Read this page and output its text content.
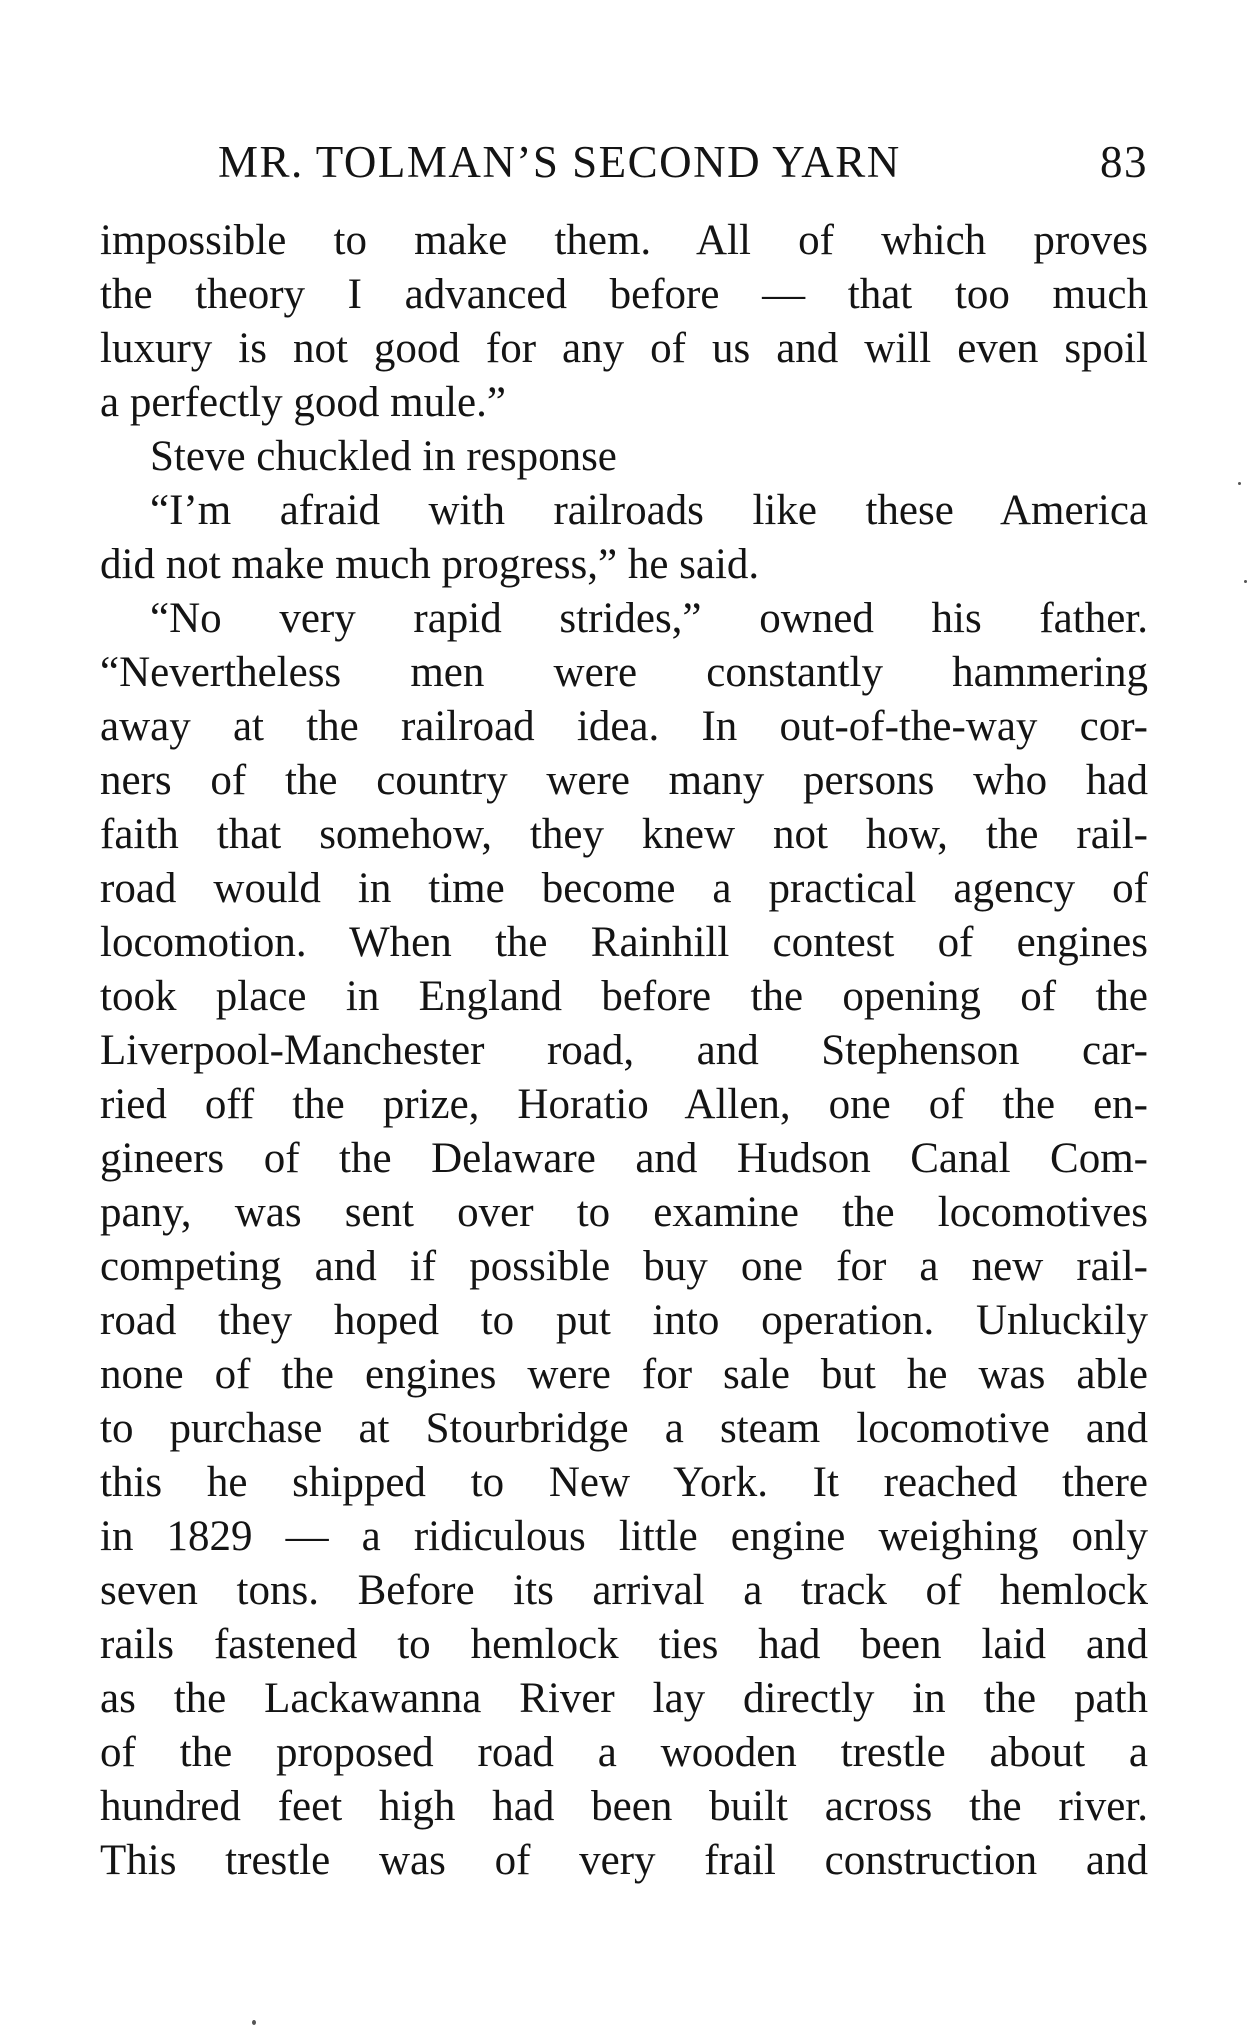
MR. TOLMAN’S SECOND YARN	83
impossible to make them. All of which proves
the theory I advanced before — that too much
luxury is not good for any of us and will even spoil
a perfectly good mule.”
Steve chuckled in response
“I’m afraid with railroads like these America
did not make much progress,” he said.
“No very rapid strides,” owned his father.
“Nevertheless men were constantly hammering
away at the railroad idea. In out-of-the-way cor-
ners of the country were many persons who had
faith that somehow, they knew not how, the rail-
road would in time become a practical agency of
locomotion. When the Rainhill contest of engines
took place in England before the opening of the
Liverpool-Manchester road, and Stephenson car-
ried off the prize, Horatio Allen, one of the en-
gineers of the Delaware and Hudson Canal Com-
pany, was sent over to examine the locomotives
competing and if possible buy one for a new rail-
road they hoped to put into operation. Unluckily
none of the engines were for sale but he was able
to purchase at Stourbridge a steam locomotive and
this he shipped to New York. It reached there
in 1829 — a ridiculous little engine weighing only
seven tons. Before its arrival a track of hemlock
rails fastened to hemlock ties had been laid and
as the Lackawanna River lay directly in the path
of the proposed road a wooden trestle about a
hundred feet high had been built across the river.
This trestle was of very frail construction and
